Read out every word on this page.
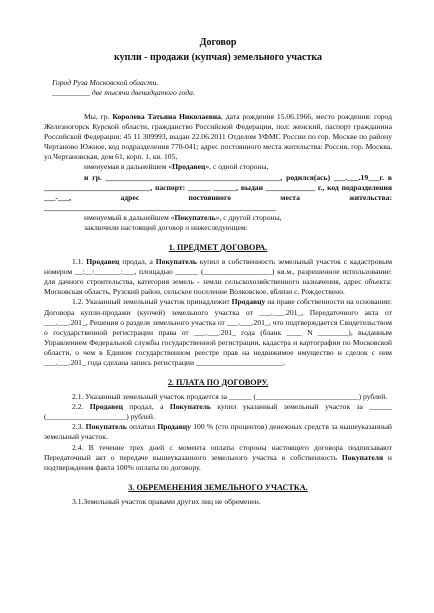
Договор
купли - продажи (купчая) земельного участка
Город Руза Московской области.
__________ две тысячи двенадцатого года.

Мы, гр. Королева Татьяна Николаевна, дата рождения 15.06.1966, место рождения: город Железногорск Курской области, гражданство Российской Федерации, пол: женский, паспорт гражданина Российской Федерации: 45 11 309993, выдан 22.06.2011 Отделом УФМС России по гор. Москве по району Чертаново Южное, код подразделения 770-041; адрес постоянного места жительства: Россия, гор. Москва, ул.Чертановская, дом 61, корп. 1, кв. 105,

именуемая в дальнейшем «Продавец», с одной стороны,

и гр. ______________________________________________, родился(ась) ___.___.19___г. в ____________________________, паспорт: ______ ______, выдан _____________ г., код подразделения ___-___, адрес постоянного места жительства: _____________________________________________________________

именуемый в дальнейшем «Покупатель», с другой стороны,

заключили настоящий договор о нижеследующем:

1. ПРЕДМЕТ ДОГОВОРА.

1.1. Продавец продал, а Покупатель купил в собственность земельный участок с кадастровым номером __:__:_______:___, площадью ______ (__________________) кв.м., разрешенное использование: для дачного строительства, категория земель - земли сельскохозяйственного назначения, адрес объекта: Московская область, Рузский район, сельское поселение Волковское, вблизи с. Рождествено.

1.2. Указанный земельный участок принадлежит Продавцу на праве собственности на основании: Договора купли-продажи (купчей) земельного участка от ___.___.201_, Передаточного акта от ___.___.201_, Решения о разделе земельного участка от ___.___.201_, что подтверждается Свидетельством о государственной регистрации права от ___.___.201_ года (бланк ____ N ________), выданным Управлением Федеральной службы государственной регистрации, кадастра и картографии по Московской области, о чем в Едином государственном реестре прав на недвижимое имущество и сделок с ним ___.___.201_ года сделана запись регистрации _______________________.

2. ПЛАТА ПО ДОГОВОРУ.

2.1. Указанный земельный участок продается за ______ (___________________________) рублей.

2.2. Продавец продал, а Покупатель купил указанный земельный участок за ______ (_____________________) рублей.

2.3. Покупатель оплатил Продавцу 100 % (сто процентов) денежных средств за вышеуказанный земельный участок.

2.4. В течение трех дней с момента оплаты стороны настоящего договора подписывают Передаточный акт о передаче вышеуказанного земельного участка в собственность Покупателя и подтверждения факта 100% оплаты по договору.

3. ОБРЕМЕНЕНИЯ ЗЕМЕЛЬНОГО УЧАСТКА.

3.1.Земельный участок правами других лиц не обременен.
